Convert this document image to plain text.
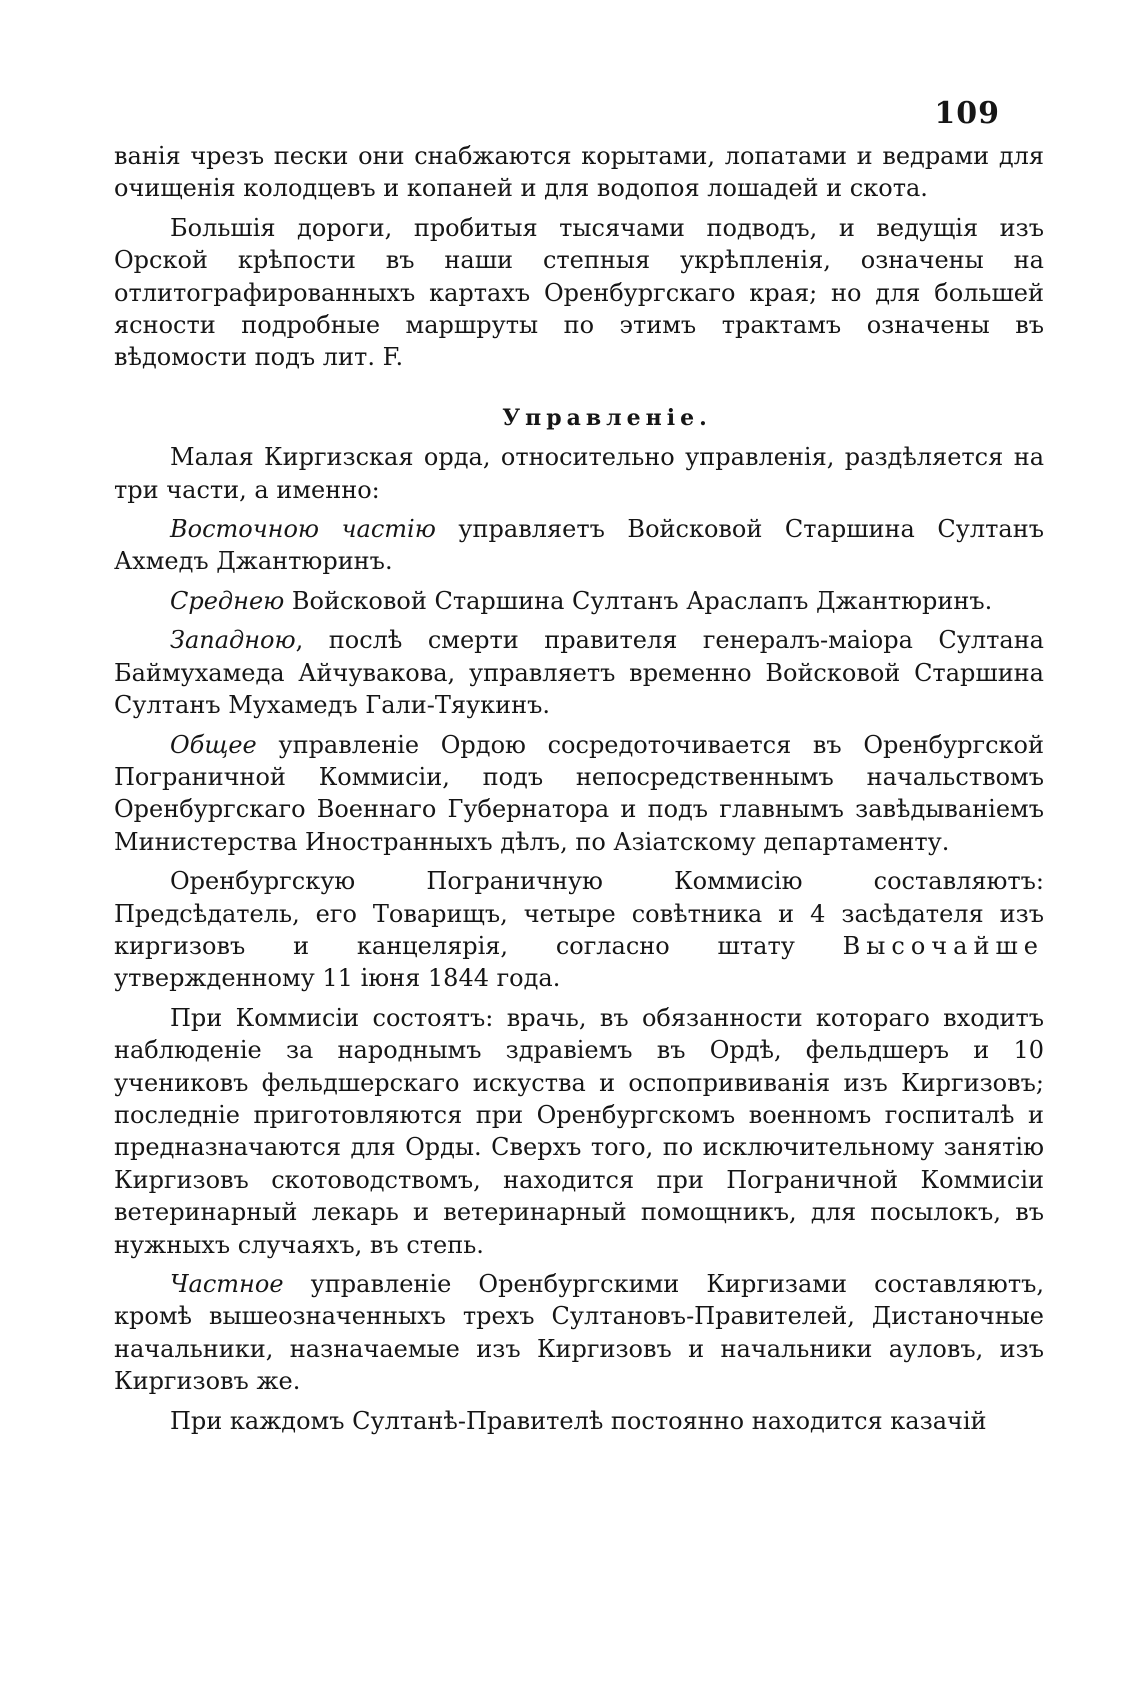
109

ванія чрезъ пески они снабжаются корытами, лопатами и ведрами для очищенія колодцевъ и копаней и для водопоя лошадей и скота.

Большія дороги, пробитыя тысячами подводъ, и ведущія изъ Орской крѣпости въ наши степныя укрѣпленія, означены на отлитографированныхъ картахъ Оренбургскаго края; но для большей ясности подробные маршруты по этимъ трактамъ означены въ вѣдомости подъ лит. F.

Управленіе.

Малая Киргизская орда, относительно управленія, раздѣляется на три части, а именно:

Восточною частію управляетъ Войсковой Старшина Султанъ Ахмедъ Джантюринъ.

Среднею Войсковой Старшина Султанъ Араслапъ Джантюринъ.

Западною, послѣ смерти правителя генералъ-маіора Султана Баймухамеда Айчувакова, управляетъ временно Войсковой Старшина Султанъ Мухамедъ Гали-Тяукинъ.

Общее управленіе Ордою сосредоточивается въ Оренбургской Пограничной Коммисіи, подъ непосредственнымъ начальствомъ Оренбургскаго Военнаго Губернатора и подъ главнымъ завѣдываніемъ Министерства Иностранныхъ дѣлъ, по Азіатскому департаменту.

Оренбургскую Пограничную Коммисію составляютъ: Предсѣдатель, его Товарищъ, четыре совѣтника и 4 засѣдателя изъ киргизовъ и канцелярія, согласно штату Высочайше утвержденному 11 іюня 1844 года.

При Коммисіи состоятъ: врачь, въ обязанности котораго входитъ наблюденіе за народнымъ здравіемъ въ Ордѣ, фельдшеръ и 10 учениковъ фельдшерскаго искуства и оспопрививанія изъ Киргизовъ; последніе приготовляются при Оренбургскомъ военномъ госпиталѣ и предназначаются для Орды. Сверхъ того, по исключительному занятію Киргизовъ скотоводствомъ, находится при Пограничной Коммисіи ветеринарный лекарь и ветеринарный помощникъ, для посылокъ, въ нужныхъ случаяхъ, въ степь.

Частное управленіе Оренбургскими Киргизами составляютъ, кромѣ вышеозначенныхъ трехъ Султановъ-Правителей, Дистаночные начальники, назначаемые изъ Киргизовъ и начальники ауловъ, изъ Киргизовъ же.

При каждомъ Султанѣ-Правителѣ постоянно находится казачій
